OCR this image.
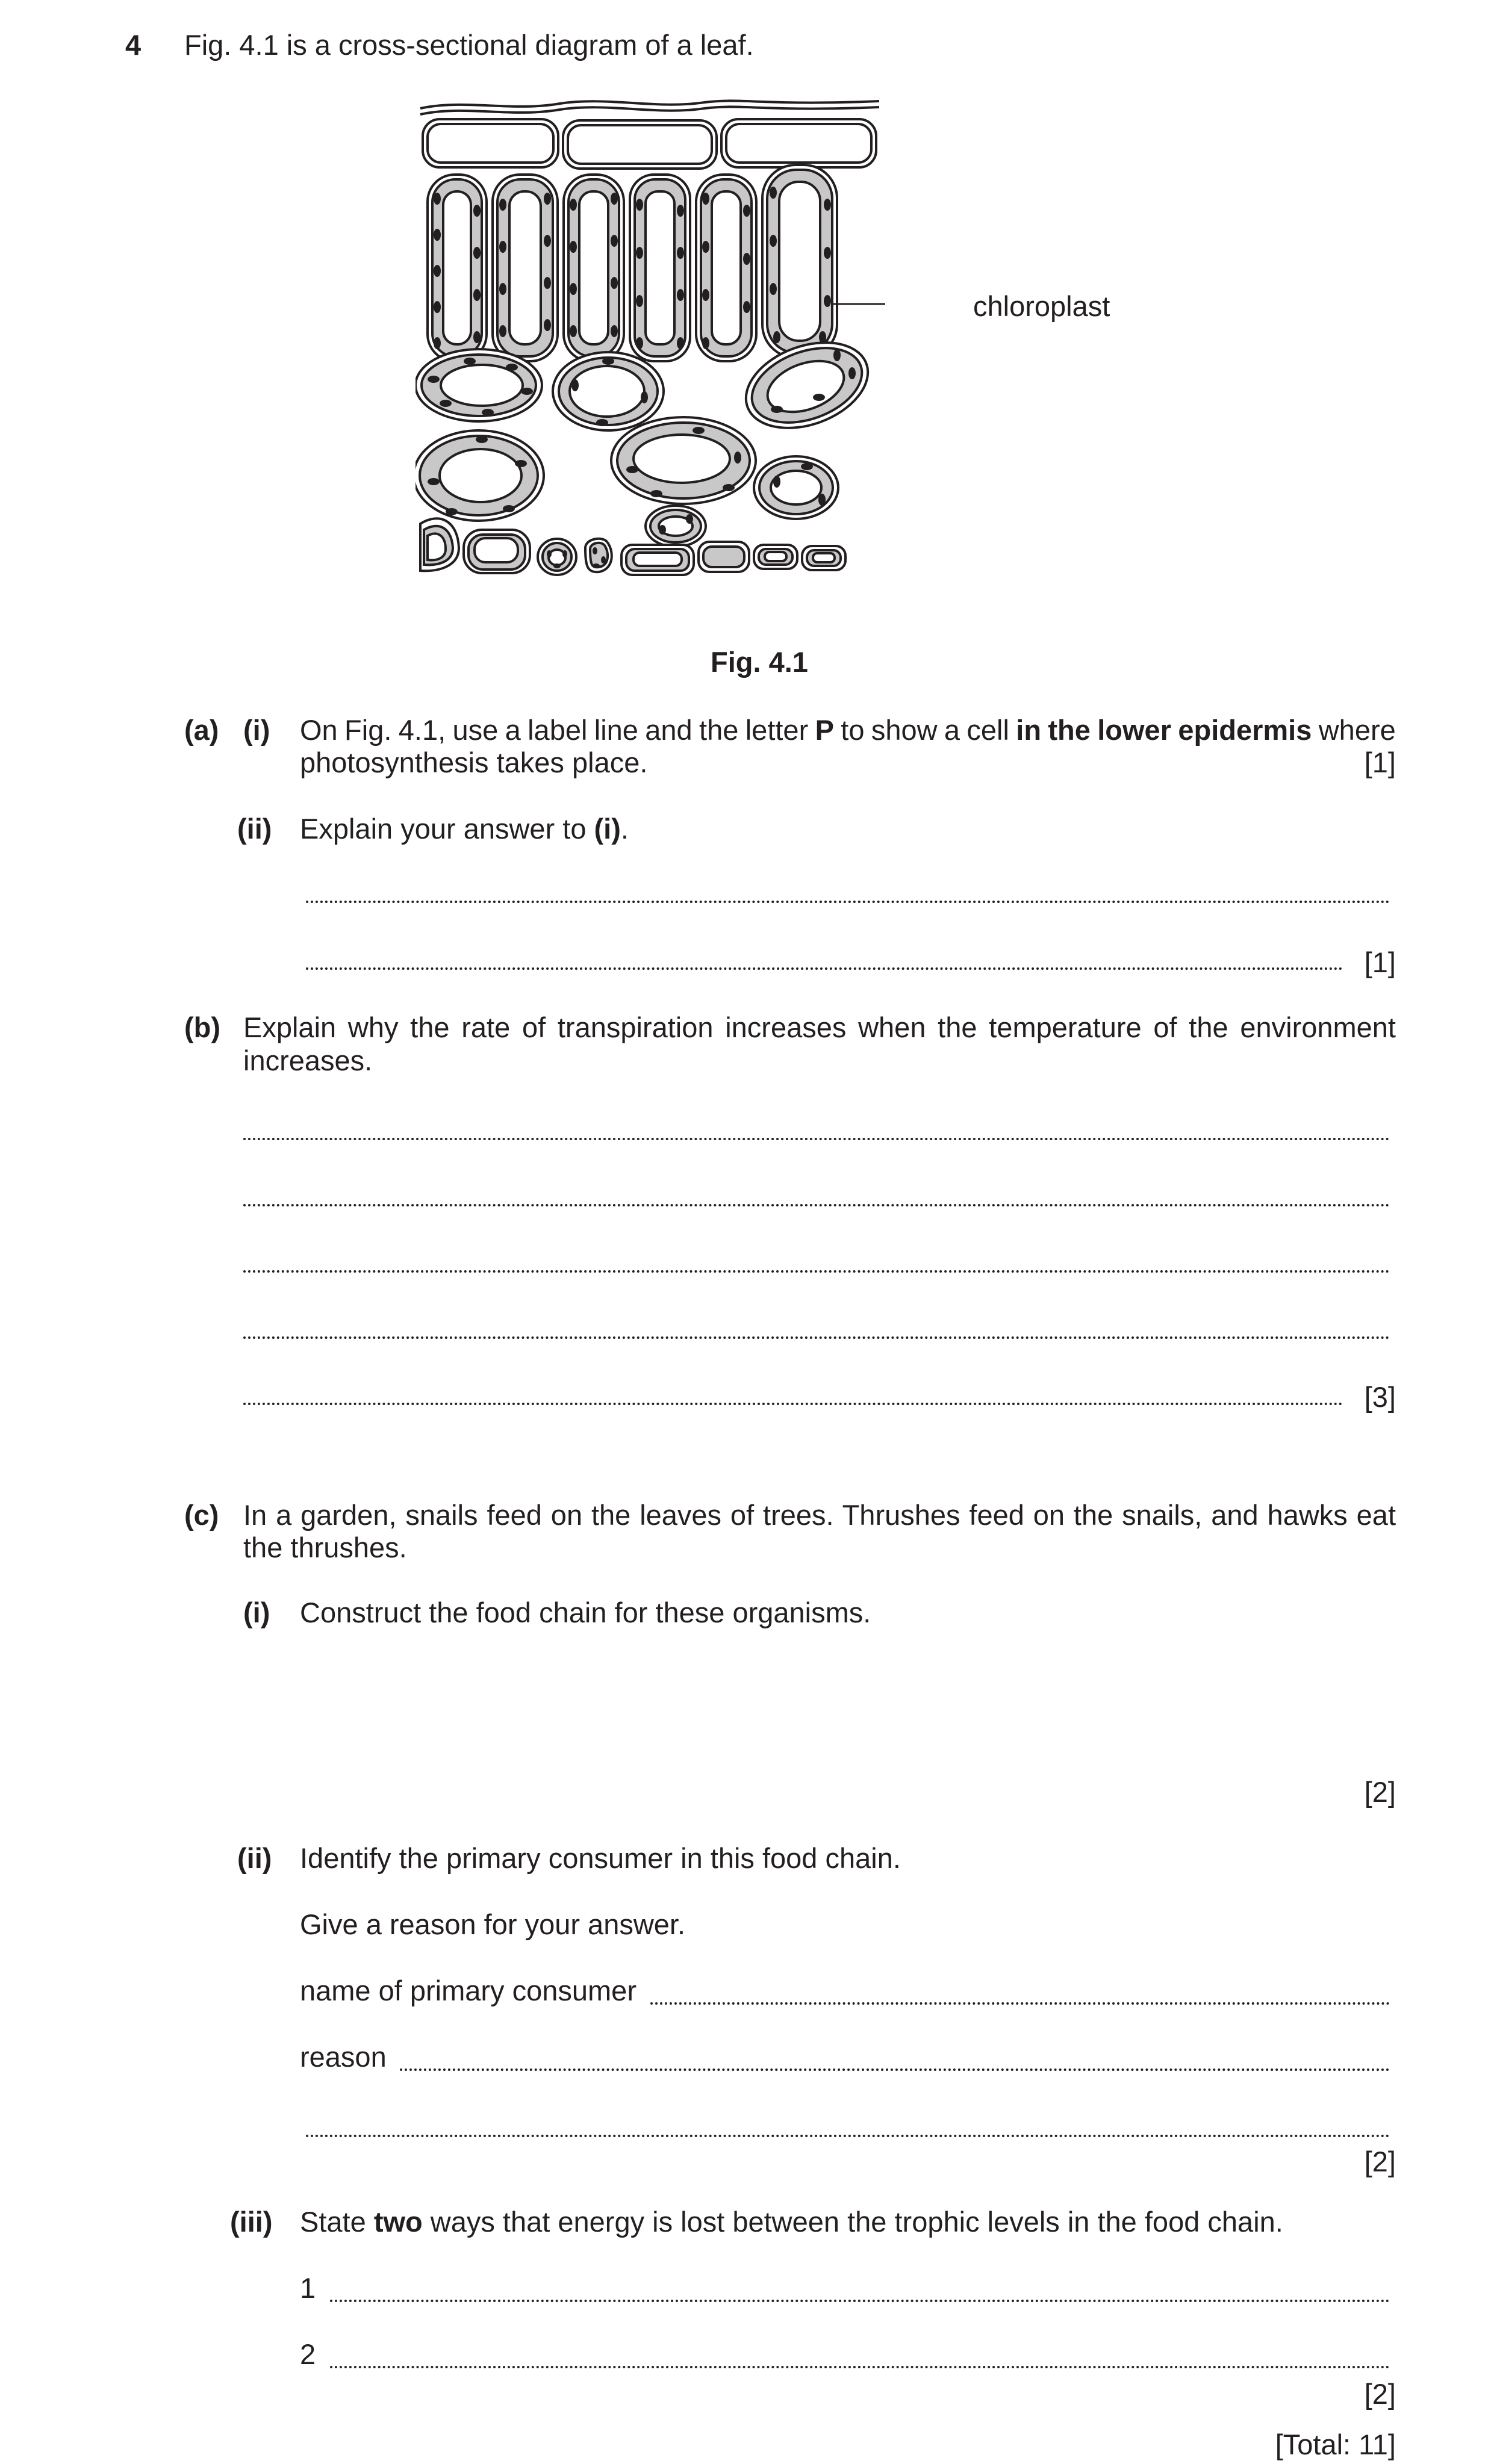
4 Fig. 4.1 is a cross-sectional diagram of a leaf.
chloroplast
Fig. 4.1
(a) (i) On Fig. 4.1, use a label line and the letter P to show a cell in the lower epidermis where
photosynthesis takes place.	[1]
(ii) Explain your answer to (i).
[1]
(b) Explain why the rate of transpiration increases when the temperature of the environment
increases.
[3]
(c) In a garden, snails feed on the leaves of trees. Thrushes feed on the snails, and hawks eat
the thrushes.
(i) Construct the food chain for these organisms.
[2]
(ii) Identify the primary consumer in this food chain.
Give a reason for your answer.
name of primary consumer
reason
[2]
(iii) State two ways that energy is lost between the trophic levels in the food chain.
1
2
[2]
[Total: 11]
